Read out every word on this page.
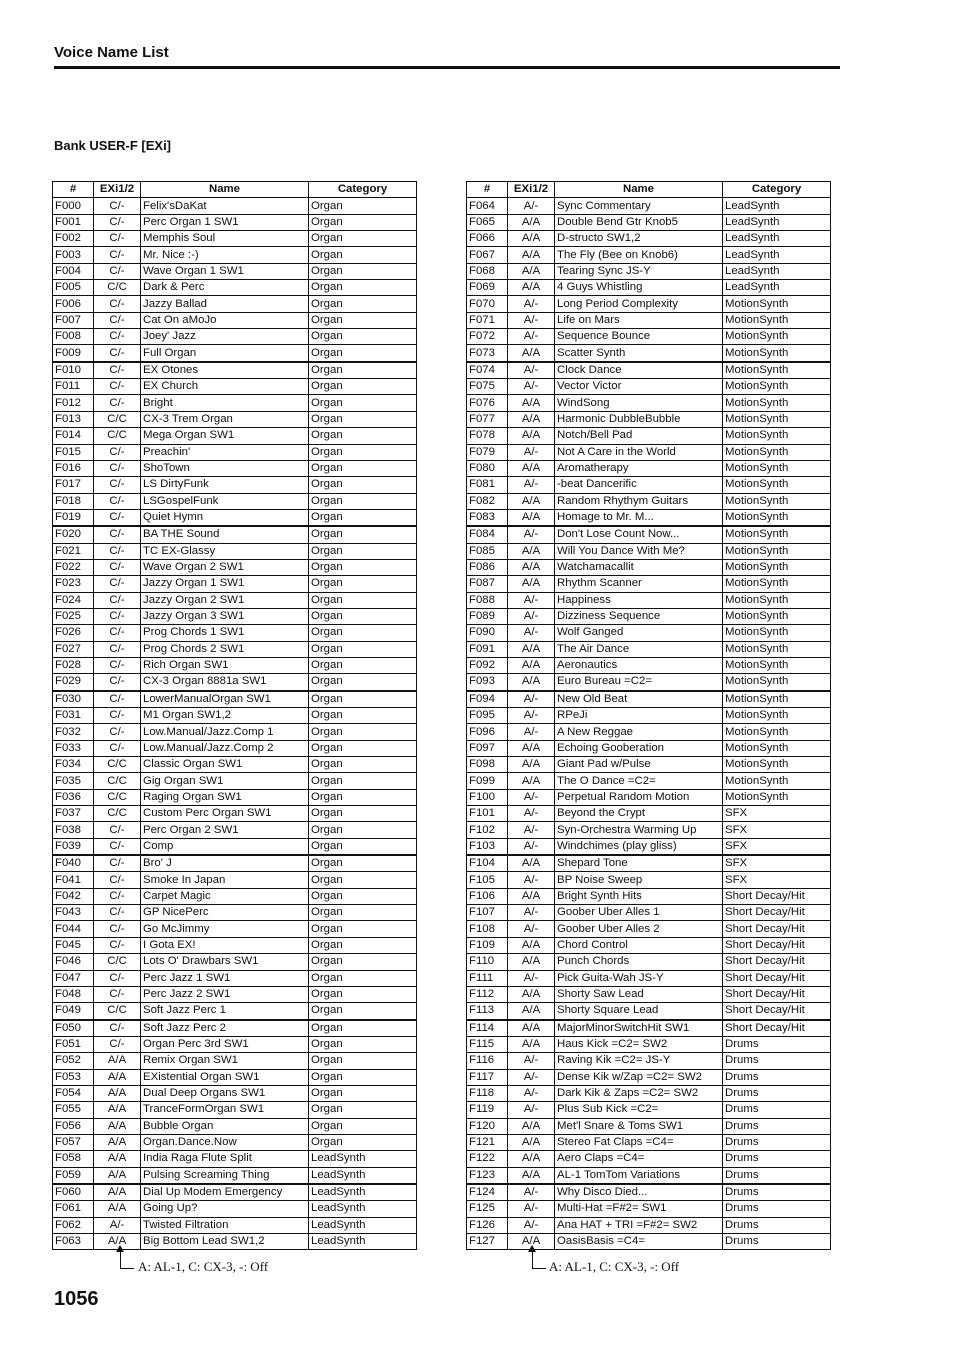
Voice Name List
Bank USER-F [EXi]
#	EXi1/2	Name	Category
F000	C/-	Felix'sDaKat	Organ
F001	C/-	Perc Organ 1 SW1	Organ
F002	C/-	Memphis Soul	Organ
F003	C/-	Mr. Nice :-)	Organ
F004	C/-	Wave Organ 1 SW1	Organ
F005	C/C	Dark & Perc	Organ
F006	C/-	Jazzy Ballad	Organ
F007	C/-	Cat On aMoJo	Organ
F008	C/-	Joey' Jazz	Organ
F009	C/-	Full Organ	Organ
F010	C/-	EX Otones	Organ
F011	C/-	EX Church	Organ
F012	C/-	Bright	Organ
F013	C/C	CX-3 Trem Organ	Organ
F014	C/C	Mega Organ SW1	Organ
F015	C/-	Preachin'	Organ
F016	C/-	ShoTown	Organ
F017	C/-	LS DirtyFunk	Organ
F018	C/-	LSGospelFunk	Organ
F019	C/-	Quiet Hymn	Organ
F020	C/-	BA THE Sound	Organ
F021	C/-	TC EX-Glassy	Organ
F022	C/-	Wave Organ 2 SW1	Organ
F023	C/-	Jazzy Organ 1 SW1	Organ
F024	C/-	Jazzy Organ 2 SW1	Organ
F025	C/-	Jazzy Organ 3 SW1	Organ
F026	C/-	Prog Chords 1 SW1	Organ
F027	C/-	Prog Chords 2 SW1	Organ
F028	C/-	Rich Organ SW1	Organ
F029	C/-	CX-3 Organ 8881a SW1	Organ
F030	C/-	LowerManualOrgan SW1	Organ
F031	C/-	M1 Organ SW1,2	Organ
F032	C/-	Low.Manual/Jazz.Comp 1	Organ
F033	C/-	Low.Manual/Jazz.Comp 2	Organ
F034	C/C	Classic Organ SW1	Organ
F035	C/C	Gig Organ SW1	Organ
F036	C/C	Raging Organ SW1	Organ
F037	C/C	Custom Perc Organ SW1	Organ
F038	C/-	Perc Organ 2 SW1	Organ
F039	C/-	Comp	Organ
F040	C/-	Bro' J	Organ
F041	C/-	Smoke In Japan	Organ
F042	C/-	Carpet Magic	Organ
F043	C/-	GP NicePerc	Organ
F044	C/-	Go McJimmy	Organ
F045	C/-	I Gota EX!	Organ
F046	C/C	Lots O' Drawbars SW1	Organ
F047	C/-	Perc Jazz 1 SW1	Organ
F048	C/-	Perc Jazz 2 SW1	Organ
F049	C/C	Soft Jazz Perc 1	Organ
F050	C/-	Soft Jazz Perc 2	Organ
F051	C/-	Organ Perc 3rd SW1	Organ
F052	A/A	Remix Organ SW1	Organ
F053	A/A	EXistential Organ SW1	Organ
F054	A/A	Dual Deep Organs SW1	Organ
F055	A/A	TranceFormOrgan SW1	Organ
F056	A/A	Bubble Organ	Organ
F057	A/A	Organ.Dance.Now	Organ
F058	A/A	India Raga Flute Split	LeadSynth
F059	A/A	Pulsing Screaming Thing	LeadSynth
F060	A/A	Dial Up Modem Emergency	LeadSynth
F061	A/A	Going Up?	LeadSynth
F062	A/-	Twisted Filtration	LeadSynth
F063	A/A	Big Bottom Lead SW1,2	LeadSynth
#	EXi1/2	Name	Category
F064	A/-	Sync Commentary	LeadSynth
F065	A/A	Double Bend Gtr Knob5	LeadSynth
F066	A/A	D-structo SW1,2	LeadSynth
F067	A/A	The Fly (Bee on Knob6)	LeadSynth
F068	A/A	Tearing Sync JS-Y	LeadSynth
F069	A/A	4 Guys Whistling	LeadSynth
F070	A/-	Long Period Complexity	MotionSynth
F071	A/-	Life on Mars	MotionSynth
F072	A/-	Sequence Bounce	MotionSynth
F073	A/A	Scatter Synth	MotionSynth
F074	A/-	Clock Dance	MotionSynth
F075	A/-	Vector Victor	MotionSynth
F076	A/A	WindSong	MotionSynth
F077	A/A	Harmonic DubbleBubble	MotionSynth
F078	A/A	Notch/Bell Pad	MotionSynth
F079	A/-	Not A Care in the World	MotionSynth
F080	A/A	Aromatherapy	MotionSynth
F081	A/-	-beat Dancerific	MotionSynth
F082	A/A	Random Rhythym Guitars	MotionSynth
F083	A/A	Homage to Mr. M...	MotionSynth
F084	A/-	Don't Lose Count Now...	MotionSynth
F085	A/A	Will You Dance With Me?	MotionSynth
F086	A/A	Watchamacallit	MotionSynth
F087	A/A	Rhythm Scanner	MotionSynth
F088	A/-	Happiness	MotionSynth
F089	A/-	Dizziness Sequence	MotionSynth
F090	A/-	Wolf Ganged	MotionSynth
F091	A/A	The Air Dance	MotionSynth
F092	A/A	Aeronautics	MotionSynth
F093	A/A	Euro Bureau =C2=	MotionSynth
F094	A/-	New Old Beat	MotionSynth
F095	A/-	RPeJi	MotionSynth
F096	A/-	A New Reggae	MotionSynth
F097	A/A	Echoing Gooberation	MotionSynth
F098	A/A	Giant Pad w/Pulse	MotionSynth
F099	A/A	The O Dance =C2=	MotionSynth
F100	A/-	Perpetual Random Motion	MotionSynth
F101	A/-	Beyond the Crypt	SFX
F102	A/-	Syn-Orchestra Warming Up	SFX
F103	A/-	Windchimes (play gliss)	SFX
F104	A/A	Shepard Tone	SFX
F105	A/-	BP Noise Sweep	SFX
F106	A/A	Bright Synth Hits	Short Decay/Hit
F107	A/-	Goober Uber Alles 1	Short Decay/Hit
F108	A/-	Goober Uber Alles 2	Short Decay/Hit
F109	A/A	Chord Control	Short Decay/Hit
F110	A/A	Punch Chords	Short Decay/Hit
F111	A/-	Pick Guita-Wah JS-Y	Short Decay/Hit
F112	A/A	Shorty Saw Lead	Short Decay/Hit
F113	A/A	Shorty Square Lead	Short Decay/Hit
F114	A/A	MajorMinorSwitchHit SW1	Short Decay/Hit
F115	A/A	Haus Kick =C2= SW2	Drums
F116	A/-	Raving Kik =C2= JS-Y	Drums
F117	A/-	Dense Kik w/Zap =C2= SW2	Drums
F118	A/-	Dark Kik & Zaps =C2= SW2	Drums
F119	A/-	Plus Sub Kick =C2=	Drums
F120	A/A	Met'l Snare & Toms SW1	Drums
F121	A/A	Stereo Fat Claps =C4=	Drums
F122	A/A	Aero Claps =C4=	Drums
F123	A/A	AL-1 TomTom Variations	Drums
F124	A/-	Why Disco Died...	Drums
F125	A/-	Multi-Hat =F#2= SW1	Drums
F126	A/-	Ana HAT + TRI =F#2= SW2	Drums
F127	A/A	OasisBasis =C4=	Drums
A: AL-1, C: CX-3, -: Off	A: AL-1, C: CX-3, -: Off
1056
